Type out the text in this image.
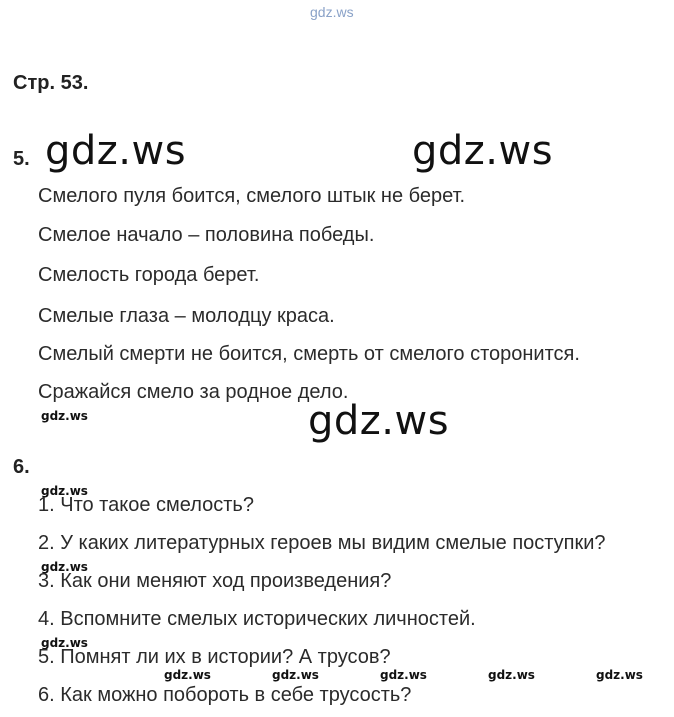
gdz.ws
Стр. 53.
5. gdz.ws	gdz.ws
Смелого пуля боится, смелого штык не берет.
Смелое начало – половина победы.
Смелость города берет.
Смелые глаза – молодцу краса.
Смелый смерти не боится, смерть от смелого сторонится.
Сражайся смело за родное дело.
gdz.ws	gdz.ws
6.
gdz.ws
1. Что такое смелость?
2. У каких литературных героев мы видим смелые поступки?
gdz.ws
3. Как они меняют ход произведения?
4. Вспомните смелых исторических личностей.
gdz.ws
5. Помнят ли их в истории? А трусов?
gdz.ws	gdz.ws	gdz.ws	gdz.ws	gdz.ws
6. Как можно побороть в себе трусость?
